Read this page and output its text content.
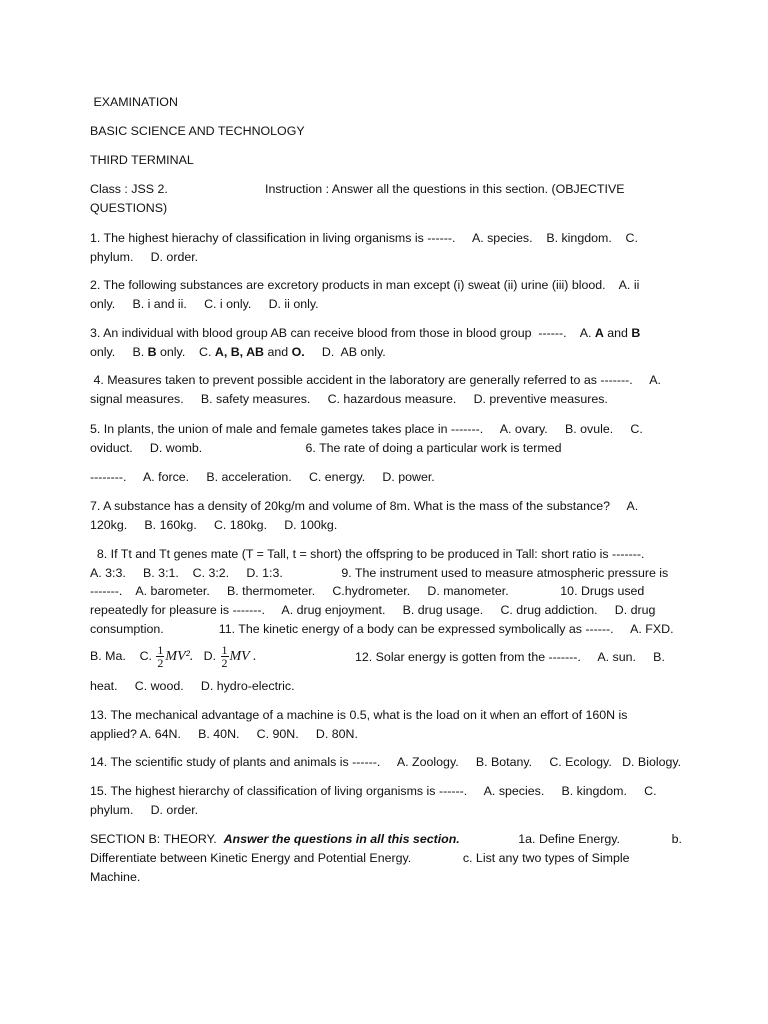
EXAMINATION
BASIC SCIENCE AND TECHNOLOGY
THIRD TERMINAL
Class : JSS 2.	Instruction : Answer all the questions in this section. (OBJECTIVE
QUESTIONS)
1. The highest hierachy of classification in living organisms is ------.     A. species.    B. kingdom.    C.
phylum.     D. order.
2. The following substances are excretory products in man except (i) sweat (ii) urine (iii) blood.    A. ii
only.     B. i and ii.     C. i only.     D. ii only.
3. An individual with blood group AB can receive blood from those in blood group  ------.    A. A and B
only.     B. B only.    C. A, B, AB and O.     D.  AB only.
4. Measures taken to prevent possible accident in the laboratory are generally referred to as -------.     A.
signal measures.     B. safety measures.     C. hazardous measure.     D. preventive measures.
5. In plants, the union of male and female gametes takes place in -------.     A. ovary.     B. ovule.     C.
oviduct.     D. womb.                              6. The rate of doing a particular work is termed
--------.     A. force.     B. acceleration.     C. energy.     D. power.
7. A substance has a density of 20kg/m and volume of 8m. What is the mass of the substance?     A.
120kg.     B. 160kg.     C. 180kg.     D. 100kg.
8. If Tt and Tt genes mate (T = Tall, t = short) the offspring to be produced in Tall: short ratio is -------.
A. 3:3.     B. 3:1.    C. 3:2.     D. 1:3.                 9. The instrument used to measure atmospheric pressure is
-------.    A. barometer.     B. thermometer.     C.hydrometer.     D. manometer.               10. Drugs used
repeatedly for pleasure is -------.     A. drug enjoyment.     B. drug usage.     C. drug addiction.     D. drug
consumption.                11. The kinetic energy of a body can be expressed symbolically as ------.     A. FXD.
B. Ma.    C. $\frac{1}{2} MV^2$.   D. $\frac{1}{2}$ MV .	12. Solar energy is gotten from the -------.     A. sun.     B.
heat.     C. wood.     D. hydro-electric.
13. The mechanical advantage of a machine is 0.5, what is the load on it when an effort of 160N is
applied? A. 64N.     B. 40N.     C. 90N.     D. 80N.
14. The scientific study of plants and animals is ------.     A. Zoology.     B. Botany.     C. Ecology.   D. Biology.
15. The highest hierarchy of classification of living organisms is ------.     A. species.     B. kingdom.     C.
phylum.     D. order.
SECTION B: THEORY.  Answer the questions in all this section.                 1a. Define Energy.               b.
Differentiate between Kinetic Energy and Potential Energy.               c. List any two types of Simple
Machine.
